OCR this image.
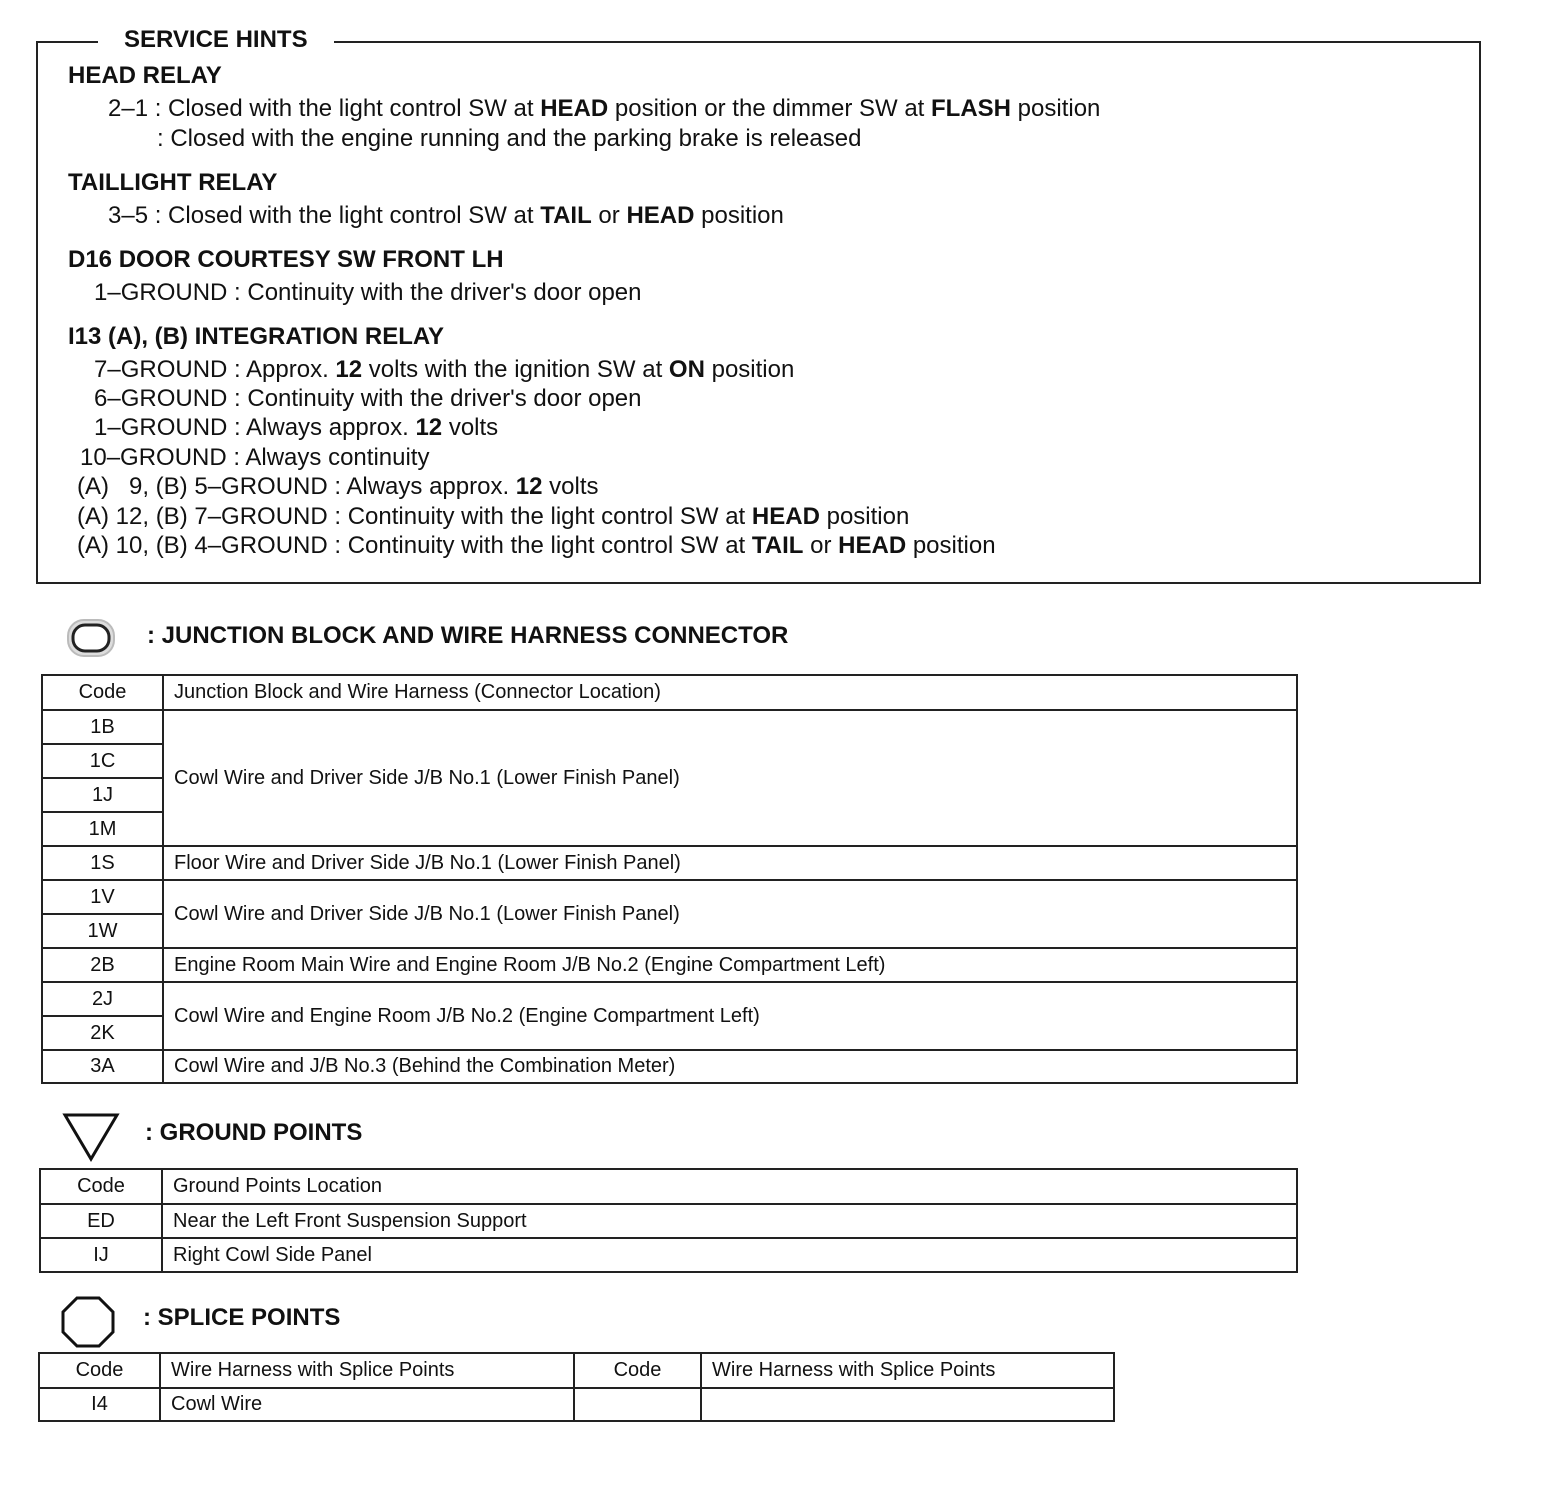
SERVICE HINTS
HEAD RELAY
2–1 : Closed with the light control SW at HEAD position or the dimmer SW at FLASH position
: Closed with the engine running and the parking brake is released
TAILLIGHT RELAY
3–5 : Closed with the light control SW at TAIL or HEAD position
D16 DOOR COURTESY SW FRONT LH
1–GROUND : Continuity with the driver's door open
I13 (A), (B) INTEGRATION RELAY
7–GROUND : Approx. 12 volts with the ignition SW at ON position
6–GROUND : Continuity with the driver's door open
1–GROUND : Always approx. 12 volts
10–GROUND : Always continuity
(A)   9, (B) 5–GROUND : Always approx. 12 volts
(A) 12, (B) 7–GROUND : Continuity with the light control SW at HEAD position
(A) 10, (B) 4–GROUND : Continuity with the light control SW at TAIL or HEAD position
: JUNCTION BLOCK AND WIRE HARNESS CONNECTOR
Code	Junction Block and Wire Harness (Connector Location)
1B	Cowl Wire and Driver Side J/B No.1 (Lower Finish Panel)
1C	
1J	
1M	
1S	Floor Wire and Driver Side J/B No.1 (Lower Finish Panel)
1V	Cowl Wire and Driver Side J/B No.1 (Lower Finish Panel)
1W	
2B	Engine Room Main Wire and Engine Room J/B No.2 (Engine Compartment Left)
2J	Cowl Wire and Engine Room J/B No.2 (Engine Compartment Left)
2K	
3A	Cowl Wire and J/B No.3 (Behind the Combination Meter)
: GROUND POINTS
Code	Ground Points Location
ED	Near the Left Front Suspension Support
IJ	Right Cowl Side Panel
: SPLICE POINTS
Code	Wire Harness with Splice Points	Code	Wire Harness with Splice Points
I4	Cowl Wire		
